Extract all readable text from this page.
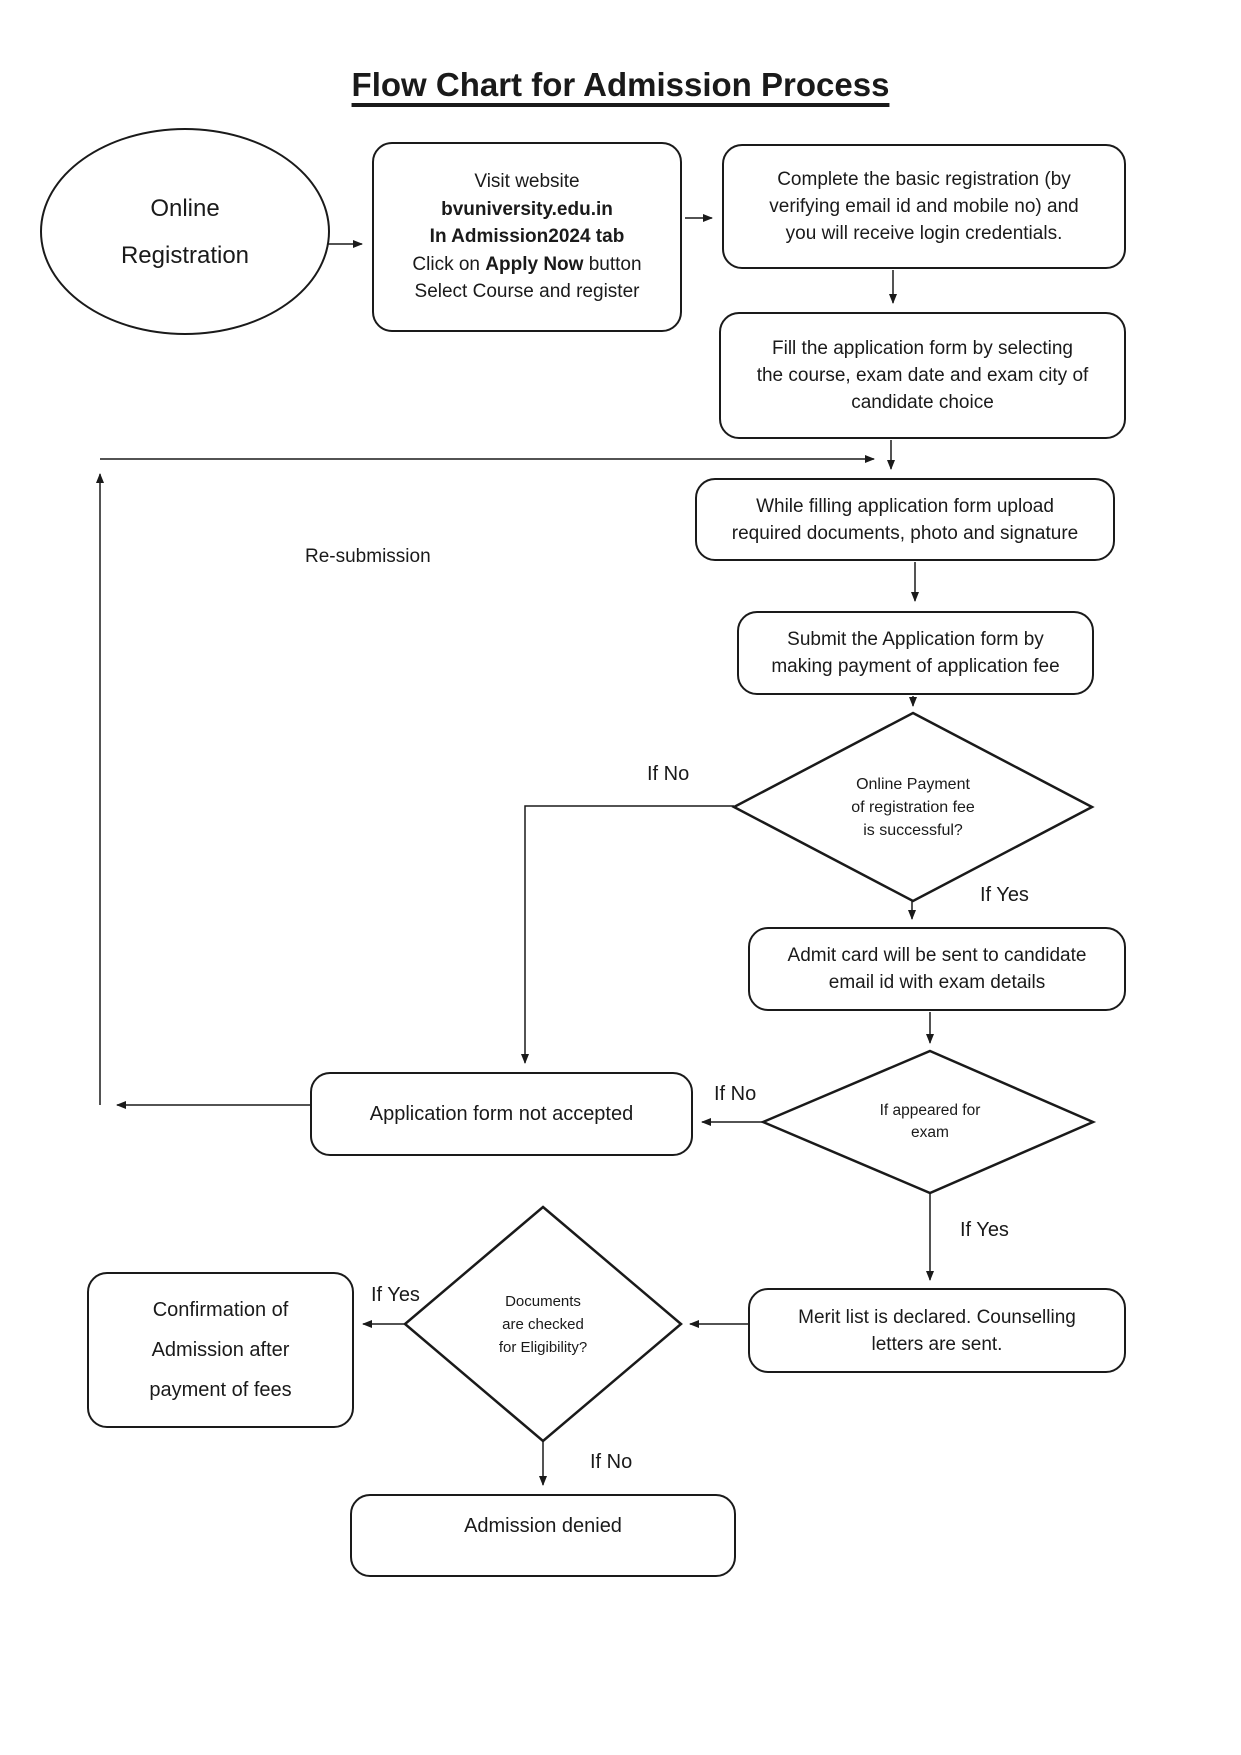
Flow Chart for Admission Process
Online
Registration
Visit website
bvuniversity.edu.in
In Admission2024 tab
Click on Apply Now button
Select Course and register
Complete the basic registration (by
verifying email id and mobile no) and
you will receive login credentials.
Fill the application form by selecting
the course, exam date and exam city of
candidate choice
While filling application form upload
required documents, photo and signature
Submit the Application form by
making payment of application fee
Online Payment
of registration fee
is successful?
Admit card will be sent to candidate
email id with exam details
If appeared for
exam
Application form not accepted
Merit list is declared. Counselling
letters are sent.
Documents
are checked
for Eligibility?
Confirmation of
Admission after
payment of fees
Admission denied
Re-submission
If No
If Yes
If No
If Yes
If Yes
If No
